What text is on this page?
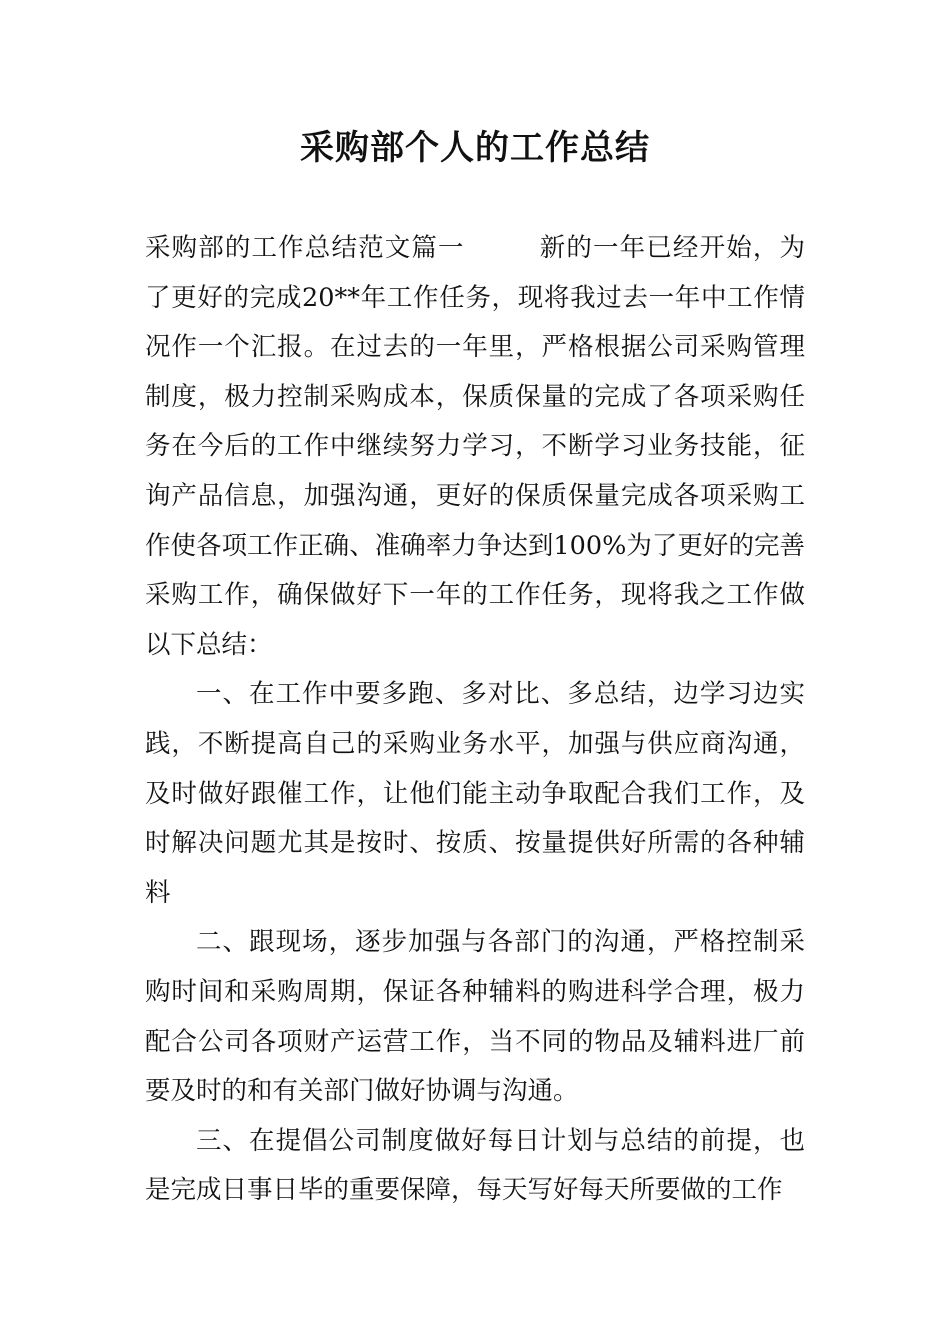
采购部个人的工作总结

采购部的工作总结范文篇一	新的一年已经开始，为了更好的完成20**年工作任务，现将我过去一年中工作情况作一个汇报。在过去的一年里，严格根据公司采购管理制度，极力控制采购成本，保质保量的完成了各项采购任务在今后的工作中继续努力学习，不断学习业务技能，征询产品信息，加强沟通，更好的保质保量完成各项采购工作使各项工作正确、准确率力争达到100%为了更好的完善采购工作，确保做好下一年的工作任务，现将我之工作做以下总结：

一、在工作中要多跑、多对比、多总结，边学习边实践，不断提高自己的采购业务水平，加强与供应商沟通，及时做好跟催工作，让他们能主动争取配合我们工作，及时解决问题尤其是按时、按质、按量提供好所需的各种辅料

二、跟现场，逐步加强与各部门的沟通，严格控制采购时间和采购周期，保证各种辅料的购进科学合理，极力配合公司各项财产运营工作，当不同的物品及辅料进厂前要及时的和有关部门做好协调与沟通。

三、在提倡公司制度做好每日计划与总结的前提，也是完成日事日毕的重要保障，每天写好每天所要做的工作
